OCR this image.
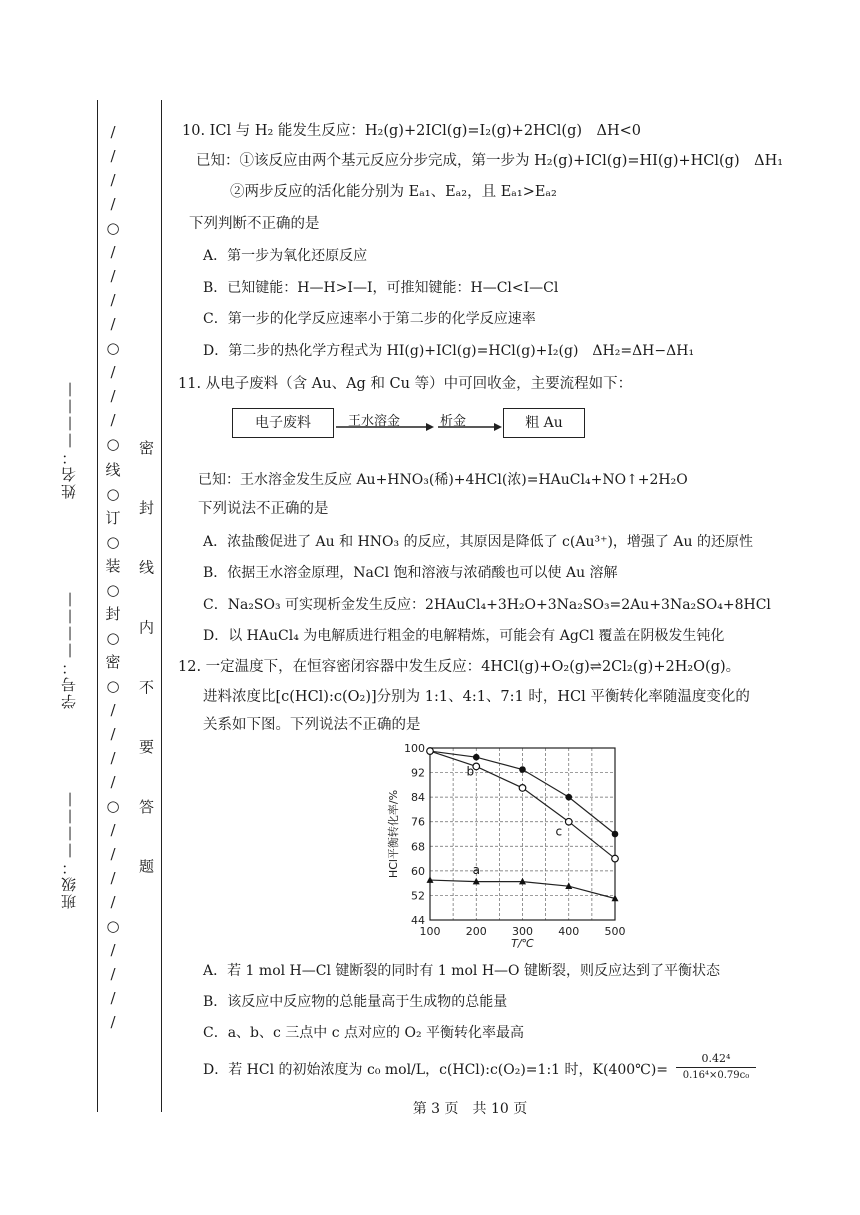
班级：————
学号：————
姓名：————
/
/
/
/
○
/
/
/
/
○
/
/
/
○
线
○
订
○
装
○
封
○
密
○
/
/
/
/
○
/
/
/
/
○
/
/
/
/
密 封 线 内 不 要 答 题
10. ICl 与 H₂ 能发生反应：H₂(g)+2ICl(g)=I₂(g)+2HCl(g)　ΔH<0
已知：①该反应由两个基元反应分步完成，第一步为 H₂(g)+ICl(g)=HI(g)+HCl(g)　ΔH₁
②两步反应的活化能分别为 Eₐ₁、Eₐ₂，且 Eₐ₁>Eₐ₂
下列判断不正确的是
A．第一步为氧化还原反应
B．已知键能：H—H>I—I，可推知键能：H—Cl<I—Cl
C．第一步的化学反应速率小于第二步的化学反应速率
D．第二步的热化学方程式为 HI(g)+ICl(g)=HCl(g)+I₂(g)　ΔH₂=ΔH−ΔH₁
11. 从电子废料（含 Au、Ag 和 Cu 等）中可回收金，主要流程如下：
电子废料	王水溶金	析金	粗 Au
已知：王水溶金发生反应 Au+HNO₃(稀)+4HCl(浓)=HAuCl₄+NO↑+2H₂O
下列说法不正确的是
A．浓盐酸促进了 Au 和 HNO₃ 的反应，其原因是降低了 c(Au³⁺)，增强了 Au 的还原性
B．依据王水溶金原理，NaCl 饱和溶液与浓硝酸也可以使 Au 溶解
C．Na₂SO₃ 可实现析金发生反应：2HAuCl₄+3H₂O+3Na₂SO₃=2Au+3Na₂SO₄+8HCl
D．以 HAuCl₄ 为电解质进行粗金的电解精炼，可能会有 AgCl 覆盖在阴极发生钝化
12. 一定温度下，在恒容密闭容器中发生反应：4HCl(g)+O₂(g)⇌2Cl₂(g)+2H₂O(g)。
进料浓度比[c(HCl):c(O₂)]分别为 1:1、4:1、7:1 时，HCl 平衡转化率随温度变化的
关系如下图。下列说法不正确的是
44
52
60
68
76
84
92
100
100 200 300 400 500
T/℃
HCl平衡转化率/%	a
b
c
A．若 1 mol H—Cl 键断裂的同时有 1 mol H—O 键断裂，则反应达到了平衡状态
B．该反应中反应物的总能量高于生成物的总能量
C．a、b、c 三点中 c 点对应的 O₂ 平衡转化率最高
D．若 HCl 的初始浓度为 c₀ mol/L，c(HCl):c(O₂)=1:1 时，K(400℃)=
0.42⁴
0.16⁴×0.79c₀
第 3 页　共 10 页
